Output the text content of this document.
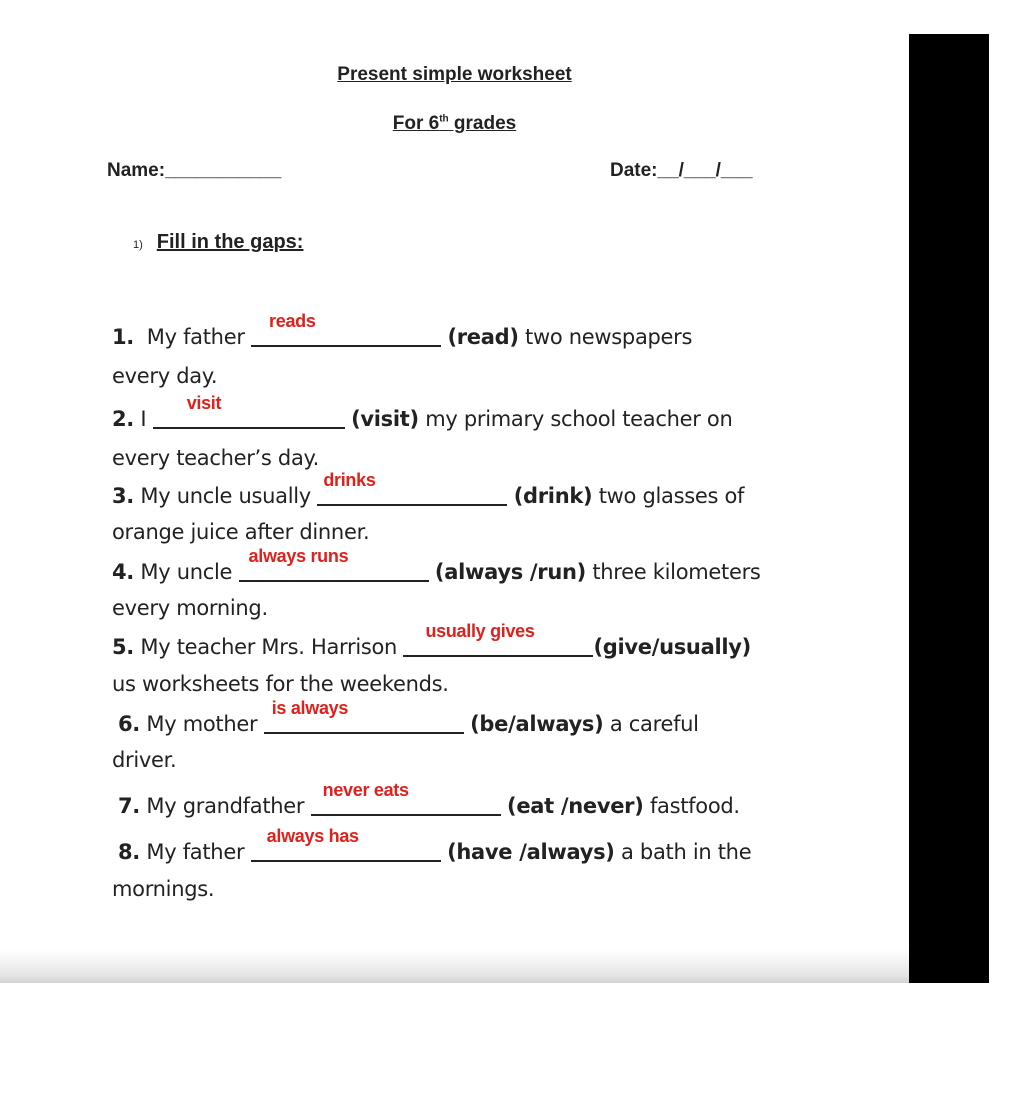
Present simple worksheet
For 6th grades
Name:___________	Date:__/___/___
1) Fill in the gaps:
1. My father
reads
(read) two newspapers
every day.
2. I
visit
(visit) my primary school teacher on
every teacher’s day.
3. My uncle usually
drinks
(drink) two glasses of
orange juice after dinner.
4. My uncle
always runs
(always /run) three kilometers
every morning.
5. My teacher Mrs. Harrison
usually gives
(give/usually)
us worksheets for the weekends.
6. My mother
is always
(be/always) a careful
driver.
7. My grandfather
never eats
(eat /never) fastfood.
8. My father
always has
(have /always) a bath in the
mornings.
